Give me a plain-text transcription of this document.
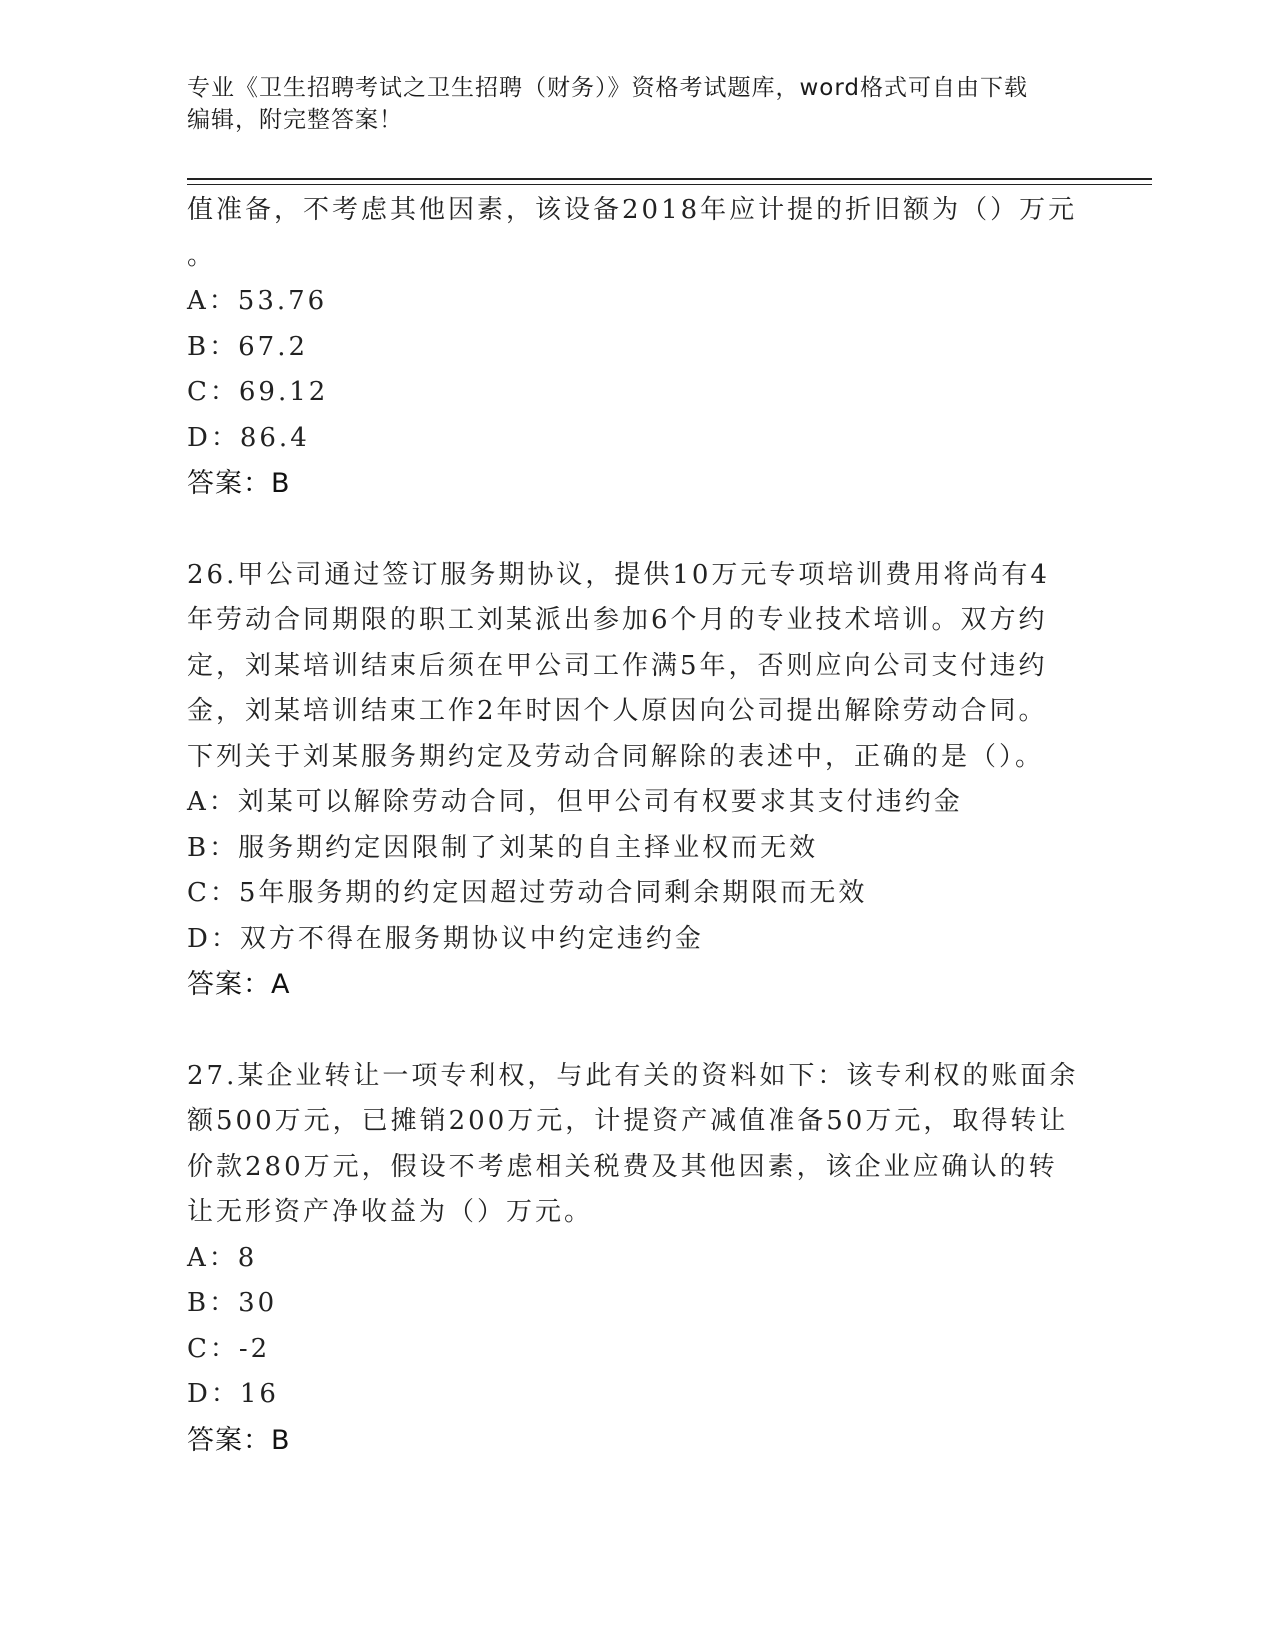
专业《卫生招聘考试之卫生招聘（财务）》资格考试题库，word格式可自由下载
编辑，附完整答案！
值准备，不考虑其他因素，该设备2018年应计提的折旧额为（）万元
。
A：53.76
B：67.2
C：69.12
D：86.4
答案：B
26.甲公司通过签订服务期协议，提供10万元专项培训费用将尚有4
年劳动合同期限的职工刘某派出参加6个月的专业技术培训。双方约
定，刘某培训结束后须在甲公司工作满5年，否则应向公司支付违约
金，刘某培训结束工作2年时因个人原因向公司提出解除劳动合同。
下列关于刘某服务期约定及劳动合同解除的表述中，正确的是（）。
A：刘某可以解除劳动合同，但甲公司有权要求其支付违约金
B：服务期约定因限制了刘某的自主择业权而无效
C：5年服务期的约定因超过劳动合同剩余期限而无效
D：双方不得在服务期协议中约定违约金
答案：A
27.某企业转让一项专利权，与此有关的资料如下：该专利权的账面余
额500万元，已摊销200万元，计提资产减值准备50万元，取得转让
价款280万元，假设不考虑相关税费及其他因素，该企业应确认的转
让无形资产净收益为（）万元。
A：8
B：30
C：-2
D：16
答案：B
